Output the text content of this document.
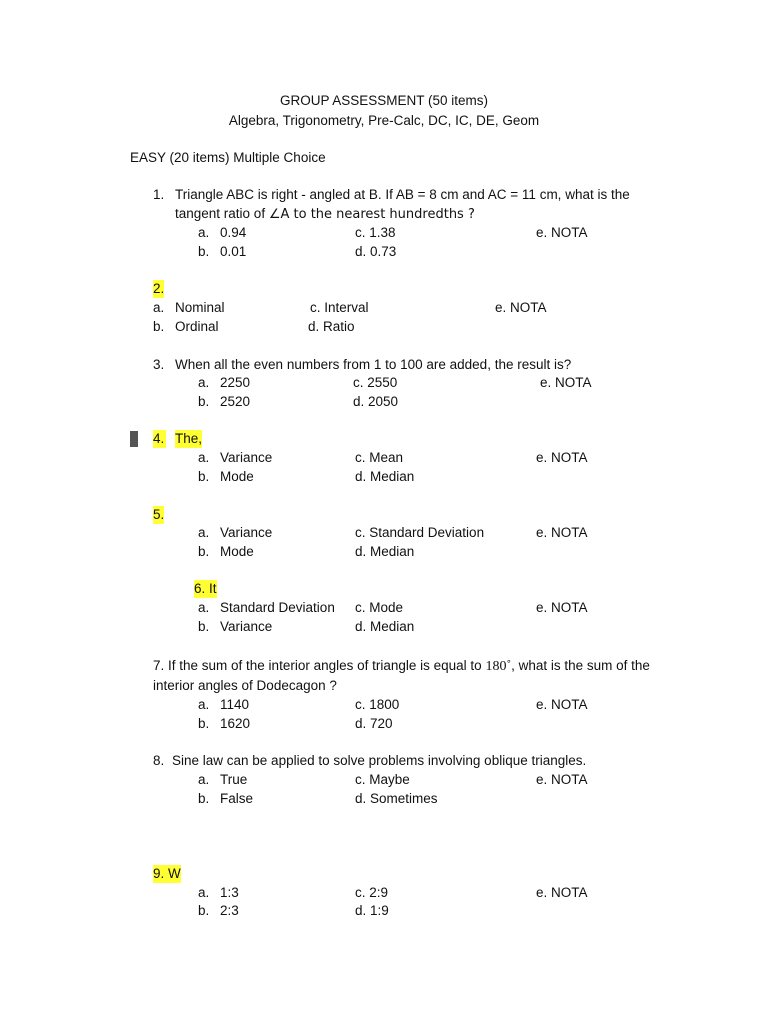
GROUP ASSESSMENT (50 items)
Algebra, Trigonometry, Pre-Calc, DC, IC, DE, Geom
EASY (20 items) Multiple Choice
1. Triangle ABC is right - angled at B. If AB = 8 cm and AC = 11 cm, what is the
tangent ratio of ∠A to the nearest hundredths ?
a. 0.94	c. 1.38	e. NOTA
b. 0.01	d. 0.73
2.
a. Nominal	c. Interval	e. NOTA
b. Ordinal	d. Ratio
3. When all the even numbers from 1 to 100 are added, the result is?
a. 2250	c. 2550	e. NOTA
b. 2520	d. 2050
4. The,
a. Variance	c. Mean	e. NOTA
b. Mode	d. Median
5.
a. Variance	c. Standard Deviation	e. NOTA
b. Mode	d. Median
6. It
a. Standard Deviation c. Mode	e. NOTA
b. Variance	d. Median
7. If the sum of the interior angles of triangle is equal to 180˚, what is the sum of the
interior angles of Dodecagon ?
a. 1140	c. 1800	e. NOTA
b. 1620	d. 720
8. Sine law can be applied to solve problems involving oblique triangles.
a. True	c. Maybe	e. NOTA
b. False	d. Sometimes
9. W
a. 1:3	c. 2:9	e. NOTA
b. 2:3	d. 1:9
